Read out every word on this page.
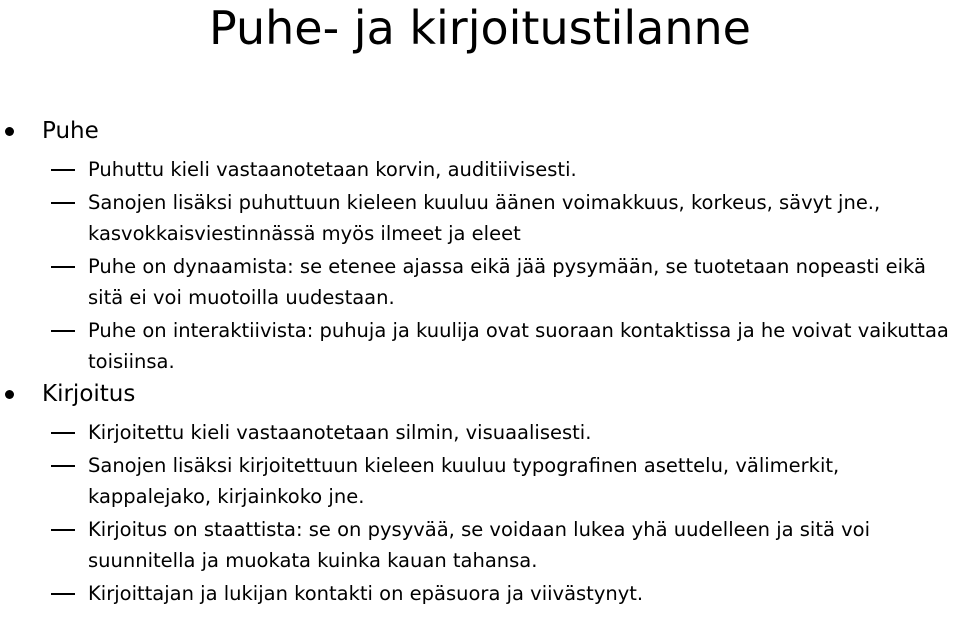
Puhe- ja kirjoitustilanne
Puhe
Puhuttu kieli vastaanotetaan korvin, auditiivisesti.
Sanojen lisäksi puhuttuun kieleen kuuluu äänen voimakkuus, korkeus, sävyt jne., kasvokkaisviestinnässä myös ilmeet ja eleet
Puhe on dynaamista: se etenee ajassa eikä jää pysymään, se tuotetaan nopeasti eikä sitä ei voi muotoilla uudestaan.
Puhe on interaktiivista: puhuja ja kuulija ovat suoraan kontaktissa ja he voivat vaikuttaa toisiinsa.
Kirjoitus
Kirjoitettu kieli vastaanotetaan silmin, visuaalisesti.
Sanojen lisäksi kirjoitettuun kieleen kuuluu typografinen asettelu, välimerkit, kappalejako, kirjainkoko jne.
Kirjoitus on staattista: se on pysyvää, se voidaan lukea yhä uudelleen ja sitä voi suunnitella ja muokata kuinka kauan tahansa.
Kirjoittajan ja lukijan kontakti on epäsuora ja viivästynyt.
